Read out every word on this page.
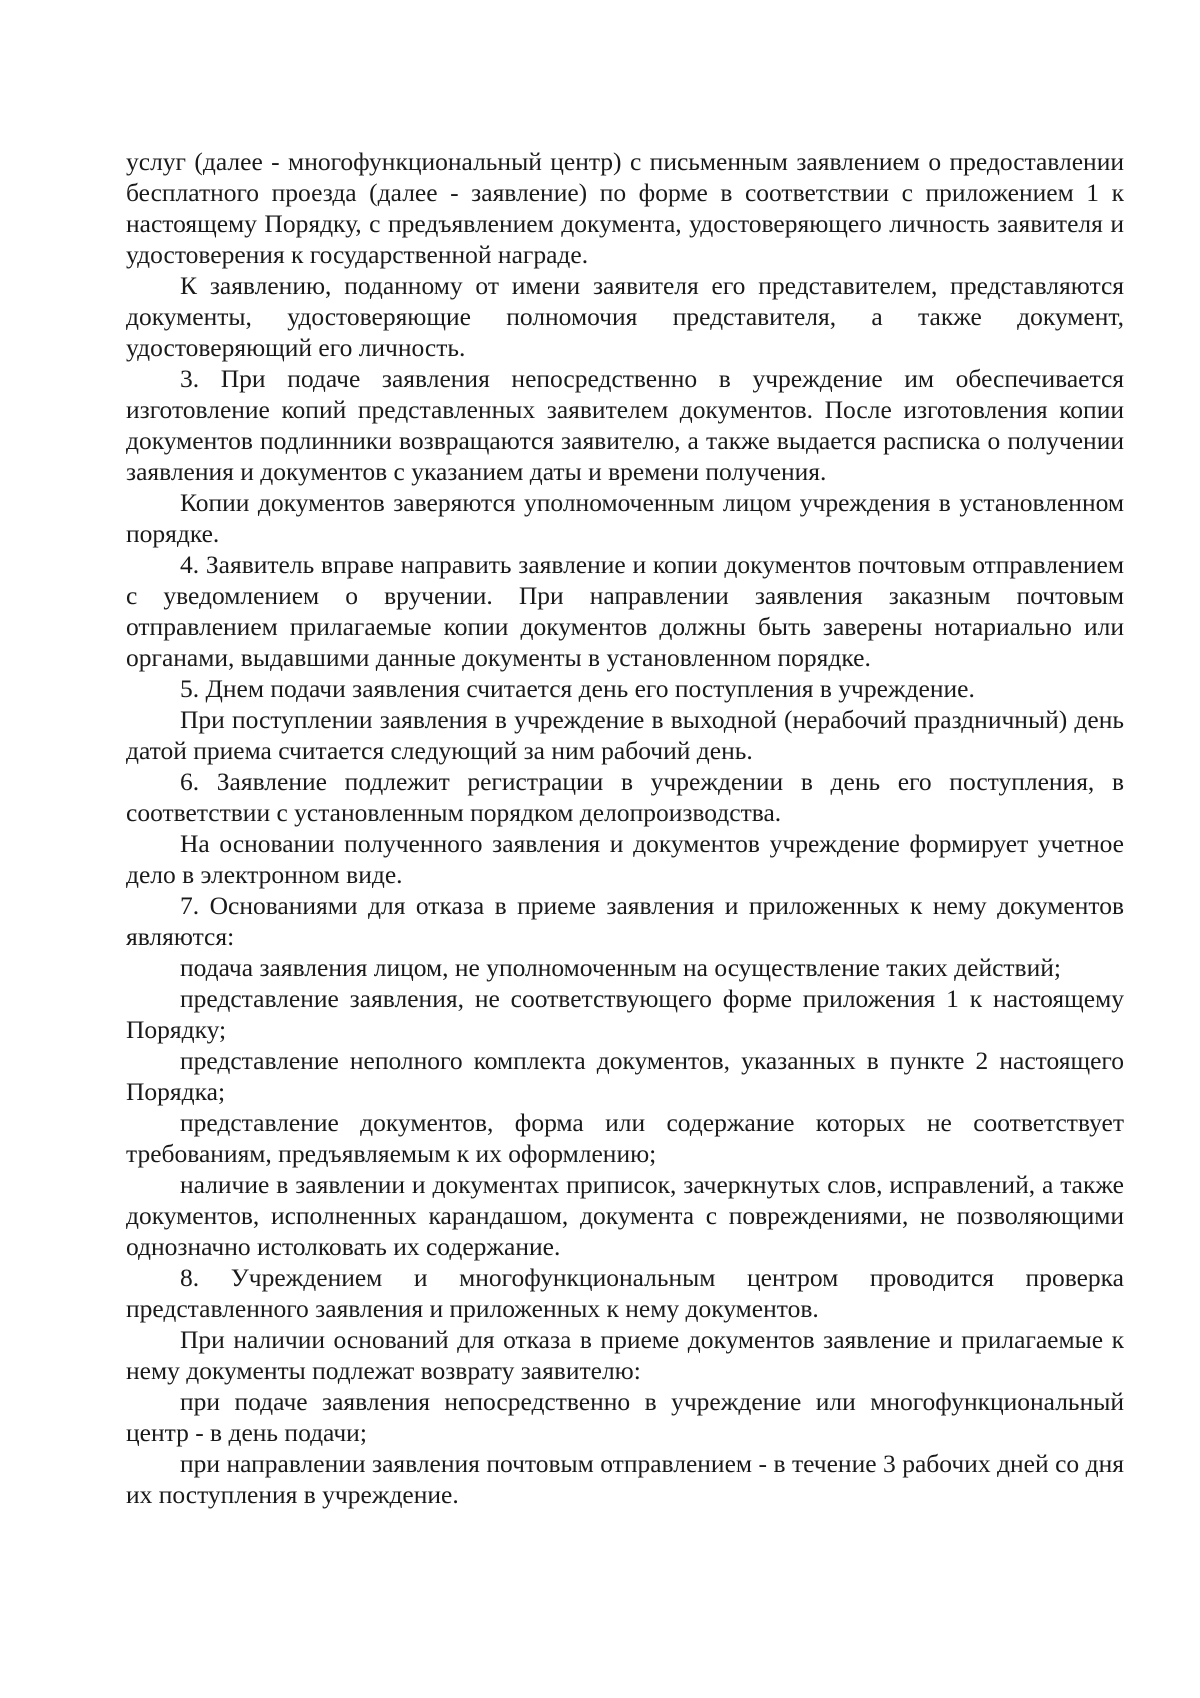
услуг (далее - многофункциональный центр) с письменным заявлением о предоставлении бесплатного проезда (далее - заявление) по форме в соответствии с приложением 1 к настоящему Порядку, с предъявлением документа, удостоверяющего личность заявителя и удостоверения к государственной награде.

К заявлению, поданному от имени заявителя его представителем, представляются документы, удостоверяющие полномочия представителя, а также документ, удостоверяющий его личность.

3. При подаче заявления непосредственно в учреждение им обеспечивается изготовление копий представленных заявителем документов. После изготовления копии документов подлинники возвращаются заявителю, а также выдается расписка о получении заявления и документов с указанием даты и времени получения.

Копии документов заверяются уполномоченным лицом учреждения в установленном порядке.

4. Заявитель вправе направить заявление и копии документов почтовым отправлением с уведомлением о вручении. При направлении заявления заказным почтовым отправлением прилагаемые копии документов должны быть заверены нотариально или органами, выдавшими данные документы в установленном порядке.

5. Днем подачи заявления считается день его поступления в учреждение.

При поступлении заявления в учреждение в выходной (нерабочий праздничный) день датой приема считается следующий за ним рабочий день.

6. Заявление подлежит регистрации в учреждении в день его поступления, в соответствии с установленным порядком делопроизводства.

На основании полученного заявления и документов учреждение формирует учетное дело в электронном виде.

7. Основаниями для отказа в приеме заявления и приложенных к нему документов являются:

подача заявления лицом, не уполномоченным на осуществление таких действий;

представление заявления, не соответствующего форме приложения 1 к настоящему Порядку;

представление неполного комплекта документов, указанных в пункте 2 настоящего Порядка;

представление документов, форма или содержание которых не соответствует требованиям, предъявляемым к их оформлению;

наличие в заявлении и документах приписок, зачеркнутых слов, исправлений, а также документов, исполненных карандашом, документа с повреждениями, не позволяющими однозначно истолковать их содержание.

8. Учреждением и многофункциональным центром проводится проверка представленного заявления и приложенных к нему документов.

При наличии оснований для отказа в приеме документов заявление и прилагаемые к нему документы подлежат возврату заявителю:

при подаче заявления непосредственно в учреждение или многофункциональный центр - в день подачи;

при направлении заявления почтовым отправлением - в течение 3 рабочих дней со дня их поступления в учреждение.
